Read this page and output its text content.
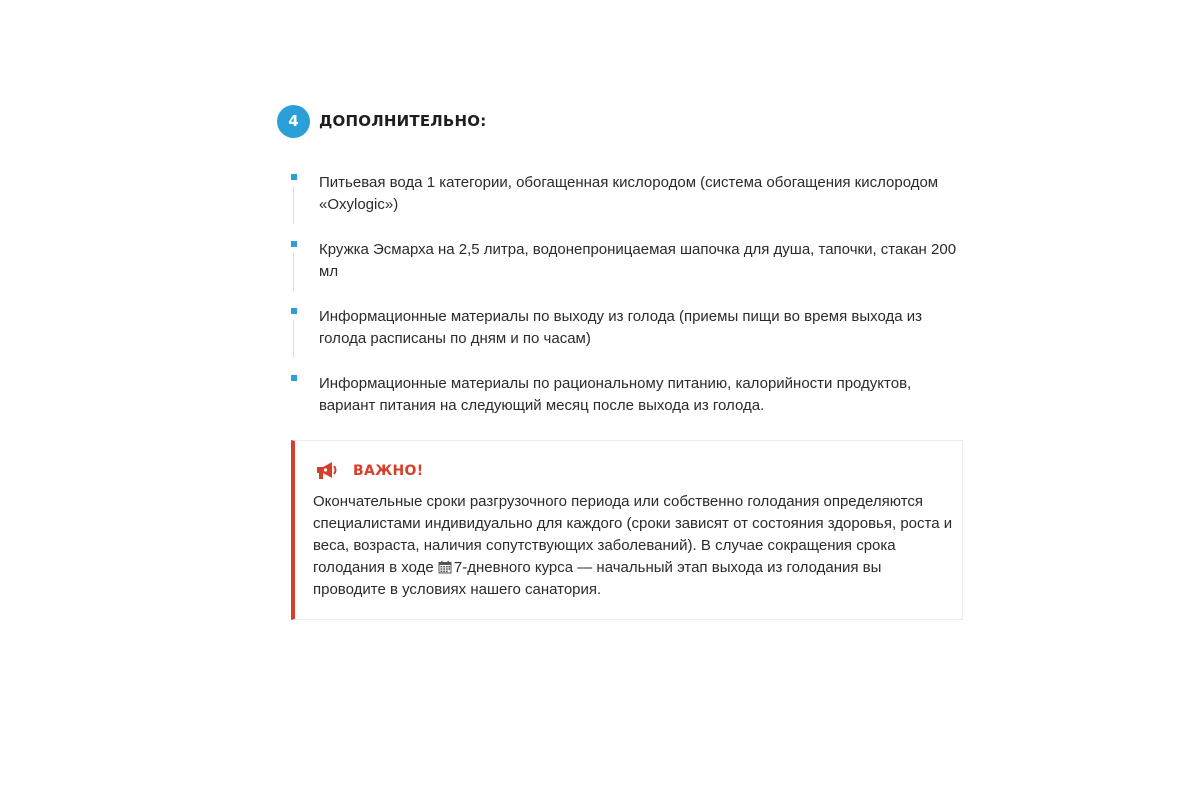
4	ДОПОЛНИТЕЛЬНО:
Питьевая вода 1 категории, обогащенная кислородом (система обогащения кислородом «Oxylogic»)
Кружка Эсмарха на 2,5 литра, водонепроницаемая шапочка для душа, тапочки, стакан 200 мл
Информационные материалы по выходу из голода (приемы пищи во время выхода из голода расписаны по дням и по часам)
Информационные материалы по рациональному питанию, калорийности продуктов, вариант питания на следующий месяц после выхода из голода.
ВАЖНО!
Окончательные сроки разгрузочного периода или собственно голодания определяются специалистами индивидуально для каждого (сроки зависят от состояния здоровья, роста и веса, возраста, наличия сопутствующих заболеваний). В случае сокращения срока голодания в ходе 7-дневного курса — начальный этап выхода из голодания вы проводите в условиях нашего санатория.
